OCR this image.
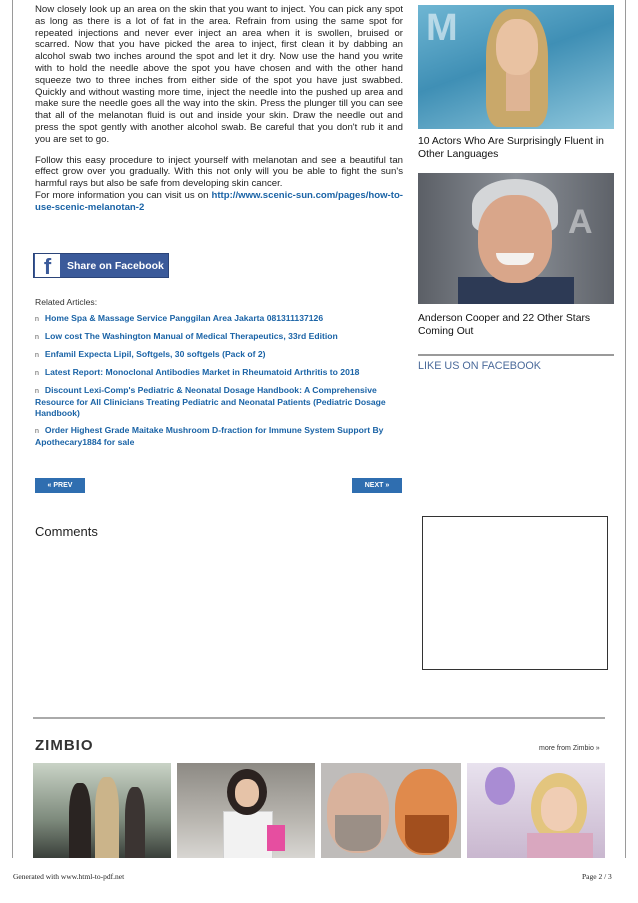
Now closely look up an area on the skin that you want to inject. You can pick any spot as long as there is a lot of fat in the area. Refrain from using the same spot for repeated injections and never ever inject an area when it is swollen, bruised or scarred. Now that you have picked the area to inject, first clean it by dabbing an alcohol swab two inches around the spot and let it dry. Now use the hand you write with to hold the needle above the spot you have chosen and with the other hand squeeze two to three inches from either side of the spot you have just swabbed. Quickly and without wasting more time, inject the needle into the pushed up area and make sure the needle goes all the way into the skin. Press the plunger till you can see that all of the melanotan fluid is out and inside your skin. Draw the needle out and press the spot gently with another alcohol swab. Be careful that you don't rub it and you are set to go.

Follow this easy procedure to inject yourself with melanotan and see a beautiful tan effect grow over you gradually. With this not only will you be able to fight the sun's harmful rays but also be safe from developing skin cancer.
For more information you can visit us on http://www.scenic-sun.com/pages/how-to-use-scenic-melanotan-2

f	Share on Facebook
Related Articles:
n Home Spa & Massage Service Panggilan Area Jakarta 081311137126
n Low cost The Washington Manual of Medical Therapeutics, 33rd Edition
n Enfamil Expecta Lipil, Softgels, 30 softgels (Pack of 2)
n Latest Report: Monoclonal Antibodies Market in Rheumatoid Arthritis to 2018
n Discount Lexi-Comp's Pediatric & Neonatal Dosage Handbook: A Comprehensive Resource for All Clinicians Treating Pediatric and Neonatal Patients (Pediatric Dosage Handbook)
n Order Highest Grade Maitake Mushroom D-fraction for Immune System Support By Apothecary1884 for sale
« PREV	NEXT »
Comments
M
10 Actors Who Are Surprisingly Fluent in Other Languages
A
Anderson Cooper and 22 Other Stars Coming Out
LIKE US ON FACEBOOK
ZIMBIO	more from Zimbio »
Generated with www.html-to-pdf.net	Page 2 / 3
